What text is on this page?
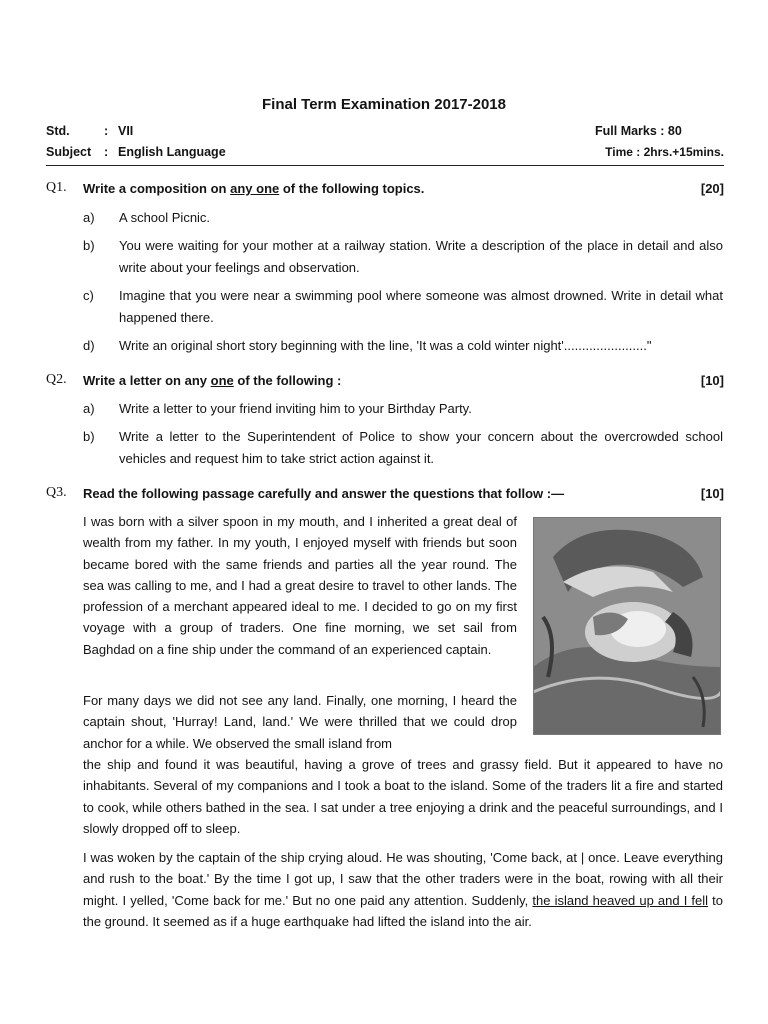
Final Term Examination 2017-2018
Std.	: VII
Subject : English Language
Full Marks : 80
Time : 2hrs.+15mins.
Q1. Write a composition on any one of the following topics.	[20]
a) A school Picnic.
b) You were waiting for your mother at a railway station. Write a description of the place in detail and also write about your feelings and observation.
c) Imagine that you were near a swimming pool where someone was almost drowned. Write in detail what happened there.
d) Write an original short story beginning with the line, 'It was a cold winter night'......................."
Q2. Write a letter on any one of the following :	[10]
a) Write a letter to your friend inviting him to your Birthday Party.
b) Write a letter to the Superintendent of Police to show your concern about the overcrowded school vehicles and request him to take strict action against it.
Q3. Read the following passage carefully and answer the questions that follow :—	[10]
I was born with a silver spoon in my mouth, and I inherited a great deal of wealth from my father. In my youth, I enjoyed myself with friends but soon became bored with the same friends and parties all the year round. The sea was calling to me, and I had a great desire to travel to other lands. The profession of a merchant appeared ideal to me. I decided to go on my first voyage with a group of traders. One fine morning, we set sail from Baghdad on a fine ship under the command of an experienced captain.
For many days we did not see any land. Finally, one morning, I heard the captain shout, 'Hurray! Land, land.' We were thrilled that we could drop anchor for a while. We observed the small island from
the ship and found it was beautiful, having a grove of trees and grassy field. But it appeared to have no inhabitants. Several of my companions and I took a boat to the island. Some of the traders lit a fire and started to cook, while others bathed in the sea. I sat under a tree enjoying a drink and the peaceful surroundings, and I slowly dropped off to sleep.
I was woken by the captain of the ship crying aloud. He was shouting, 'Come back, at | once. Leave everything and rush to the boat.' By the time I got up, I saw that the other traders were in the boat, rowing with all their might. I yelled, 'Come back for me.' But no one paid any attention. Suddenly, the island heaved up and I fell to the ground. It seemed as if a huge earthquake had lifted the island into the air.
